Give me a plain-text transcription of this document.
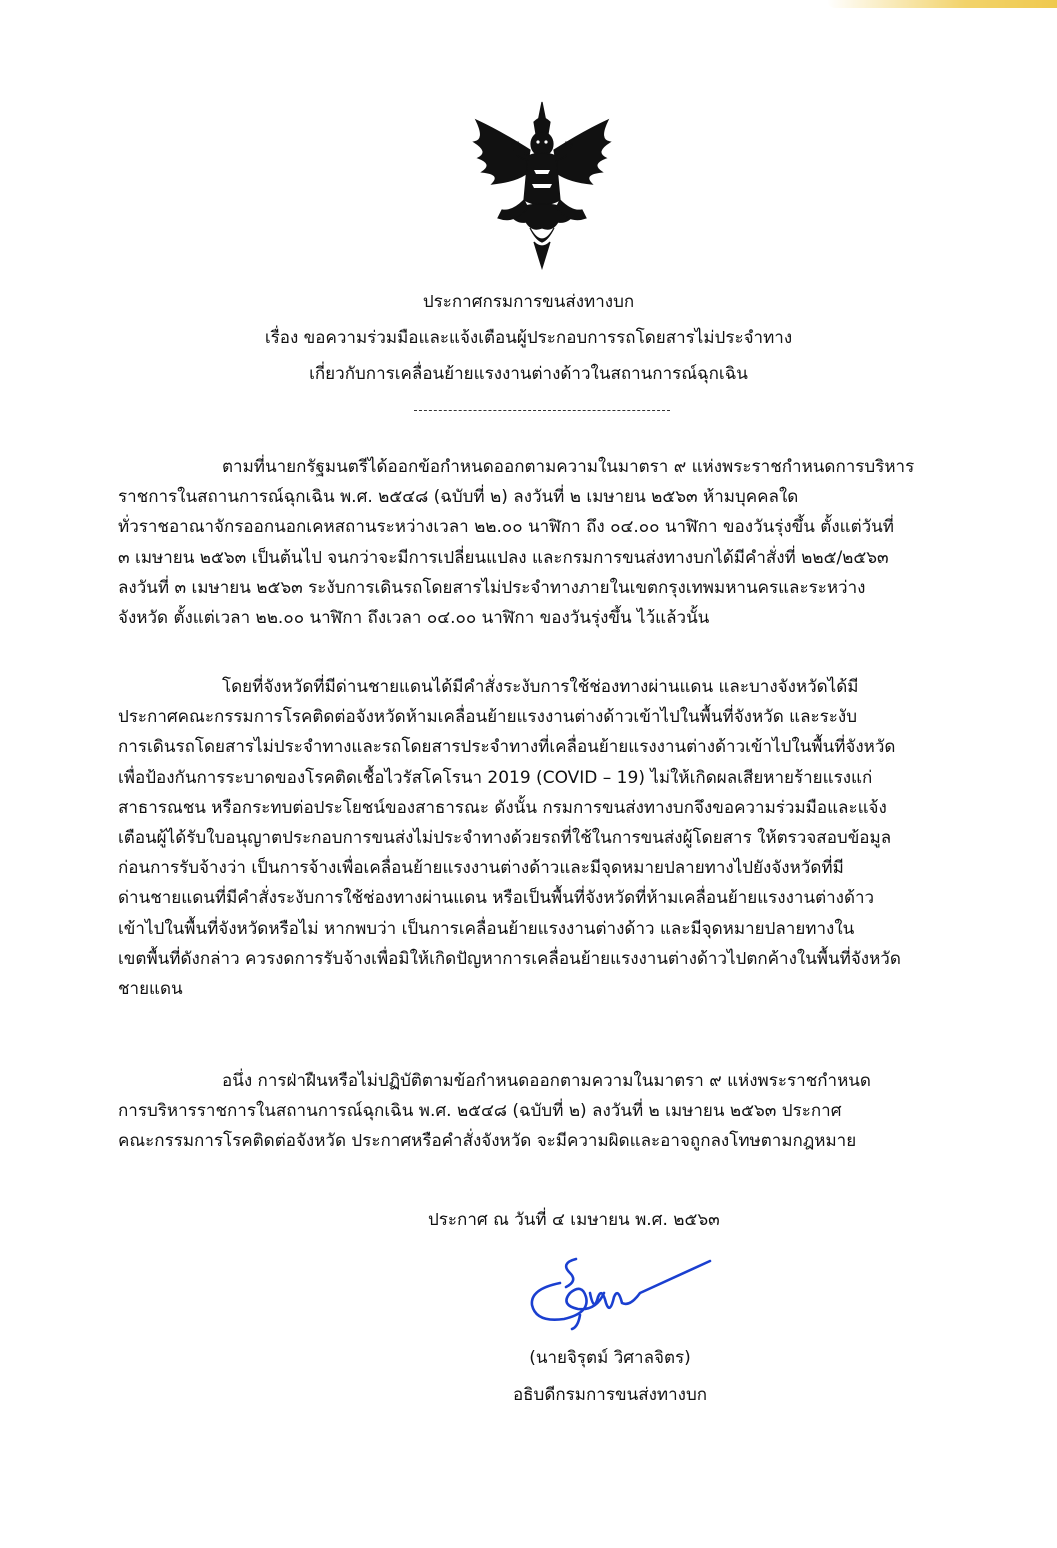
ประกาศกรมการขนส่งทางบก
เรื่อง ขอความร่วมมือและแจ้งเตือนผู้ประกอบการรถโดยสารไม่ประจำทาง
เกี่ยวกับการเคลื่อนย้ายแรงงานต่างด้าวในสถานการณ์ฉุกเฉิน

ตามที่นายกรัฐมนตรีได้ออกข้อกำหนดออกตามความในมาตรา ๙ แห่งพระราชกำหนดการบริหาร
ราชการในสถานการณ์ฉุกเฉิน พ.ศ. ๒๕๔๘ (ฉบับที่ ๒) ลงวันที่ ๒ เมษายน ๒๕๖๓ ห้ามบุคคลใด
ทั่วราชอาณาจักรออกนอกเคหสถานระหว่างเวลา ๒๒.๐๐ นาฬิกา ถึง ๐๔.๐๐ นาฬิกา ของวันรุ่งขึ้น ตั้งแต่วันที่
๓ เมษายน ๒๕๖๓ เป็นต้นไป จนกว่าจะมีการเปลี่ยนแปลง และกรมการขนส่งทางบกได้มีคำสั่งที่ ๒๒๕/๒๕๖๓
ลงวันที่ ๓ เมษายน ๒๕๖๓ ระงับการเดินรถโดยสารไม่ประจำทางภายในเขตกรุงเทพมหานครและระหว่าง
จังหวัด ตั้งแต่เวลา ๒๒.๐๐ นาฬิกา ถึงเวลา ๐๔.๐๐ นาฬิกา ของวันรุ่งขึ้น ไว้แล้วนั้น

โดยที่จังหวัดที่มีด่านชายแดนได้มีคำสั่งระงับการใช้ช่องทางผ่านแดน และบางจังหวัดได้มี
ประกาศคณะกรรมการโรคติดต่อจังหวัดห้ามเคลื่อนย้ายแรงงานต่างด้าวเข้าไปในพื้นที่จังหวัด และระงับ
การเดินรถโดยสารไม่ประจำทางและรถโดยสารประจำทางที่เคลื่อนย้ายแรงงานต่างด้าวเข้าไปในพื้นที่จังหวัด
เพื่อป้องกันการระบาดของโรคติดเชื้อไวรัสโคโรนา 2019 (COVID – 19) ไม่ให้เกิดผลเสียหายร้ายแรงแก่
สาธารณชน หรือกระทบต่อประโยชน์ของสาธารณะ ดังนั้น กรมการขนส่งทางบกจึงขอความร่วมมือและแจ้ง
เตือนผู้ได้รับใบอนุญาตประกอบการขนส่งไม่ประจำทางด้วยรถที่ใช้ในการขนส่งผู้โดยสาร ให้ตรวจสอบข้อมูล
ก่อนการรับจ้างว่า เป็นการจ้างเพื่อเคลื่อนย้ายแรงงานต่างด้าวและมีจุดหมายปลายทางไปยังจังหวัดที่มี
ด่านชายแดนที่มีคำสั่งระงับการใช้ช่องทางผ่านแดน หรือเป็นพื้นที่จังหวัดที่ห้ามเคลื่อนย้ายแรงงานต่างด้าว
เข้าไปในพื้นที่จังหวัดหรือไม่ หากพบว่า เป็นการเคลื่อนย้ายแรงงานต่างด้าว และมีจุดหมายปลายทางใน
เขตพื้นที่ดังกล่าว ควรงดการรับจ้างเพื่อมิให้เกิดปัญหาการเคลื่อนย้ายแรงงานต่างด้าวไปตกค้างในพื้นที่จังหวัด
ชายแดน

อนึ่ง การฝ่าฝืนหรือไม่ปฏิบัติตามข้อกำหนดออกตามความในมาตรา ๙ แห่งพระราชกำหนด
การบริหารราชการในสถานการณ์ฉุกเฉิน พ.ศ. ๒๕๔๘ (ฉบับที่ ๒) ลงวันที่ ๒ เมษายน ๒๕๖๓ ประกาศ
คณะกรรมการโรคติดต่อจังหวัด ประกาศหรือคำสั่งจังหวัด จะมีความผิดและอาจถูกลงโทษตามกฎหมาย

ประกาศ ณ วันที่ ๔ เมษายน พ.ศ. ๒๕๖๓
(นายจิรุตม์ วิศาลจิตร)
อธิบดีกรมการขนส่งทางบก
